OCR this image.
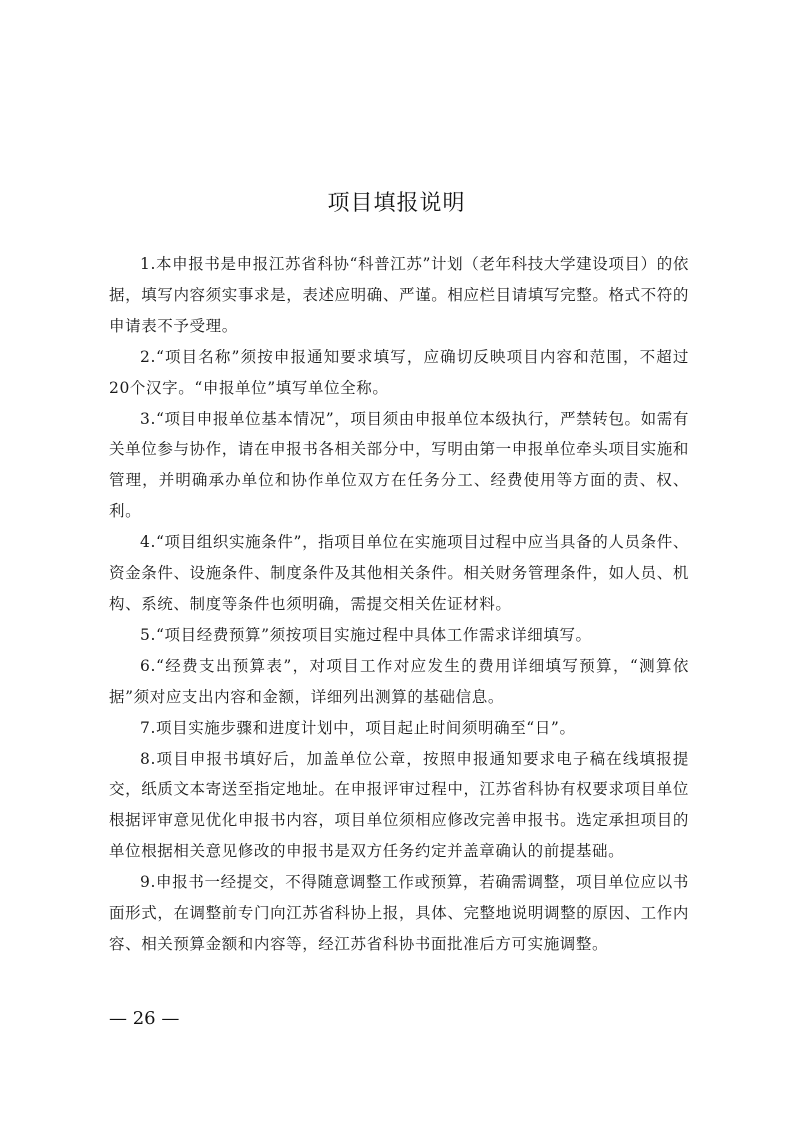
项目填报说明

1.本申报书是申报江苏省科协“科普江苏”计划（老年科技大学建设项目）的依据，填写内容须实事求是，表述应明确、严谨。相应栏目请填写完整。格式不符的申请表不予受理。

2.“项目名称”须按申报通知要求填写，应确切反映项目内容和范围，不超过20个汉字。“申报单位”填写单位全称。

3.“项目申报单位基本情况”，项目须由申报单位本级执行，严禁转包。如需有关单位参与协作，请在申报书各相关部分中，写明由第一申报单位牵头项目实施和管理，并明确承办单位和协作单位双方在任务分工、经费使用等方面的责、权、利。

4.“项目组织实施条件”，指项目单位在实施项目过程中应当具备的人员条件、资金条件、设施条件、制度条件及其他相关条件。相关财务管理条件，如人员、机构、系统、制度等条件也须明确，需提交相关佐证材料。

5.“项目经费预算”须按项目实施过程中具体工作需求详细填写。

6.“经费支出预算表”，对项目工作对应发生的费用详细填写预算，“测算依据”须对应支出内容和金额，详细列出测算的基础信息。

7.项目实施步骤和进度计划中，项目起止时间须明确至“日”。

8.项目申报书填好后，加盖单位公章，按照申报通知要求电子稿在线填报提交，纸质文本寄送至指定地址。在申报评审过程中，江苏省科协有权要求项目单位根据评审意见优化申报书内容，项目单位须相应修改完善申报书。选定承担项目的单位根据相关意见修改的申报书是双方任务约定并盖章确认的前提基础。

9.申报书一经提交，不得随意调整工作或预算，若确需调整，项目单位应以书面形式，在调整前专门向江苏省科协上报，具体、完整地说明调整的原因、工作内容、相关预算金额和内容等，经江苏省科协书面批准后方可实施调整。

— 26 —
